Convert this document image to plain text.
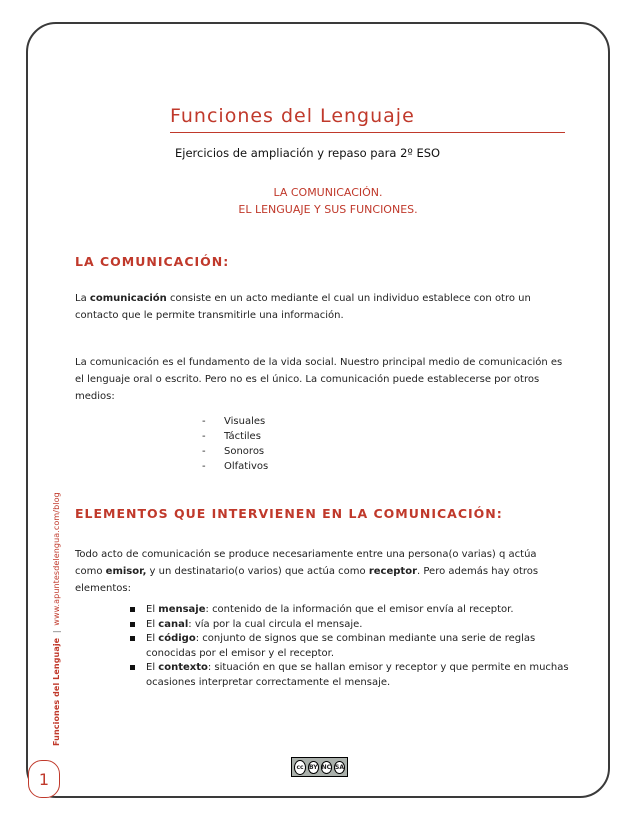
Funciones del Lenguaje | www.apuntesdelengua.com/blog
Funciones del Lenguaje
Ejercicios de ampliación y repaso para 2º ESO
LA COMUNICACIÓN.
EL LENGUAJE Y SUS FUNCIONES.
LA COMUNICACIÓN:
La comunicación consiste en un acto mediante el cual un individuo establece con otro un contacto que le permite transmitirle una información.
La comunicación es el fundamento de la vida social. Nuestro principal medio de comunicación es el lenguaje oral o escrito. Pero no es el único. La comunicación puede establecerse por otros medios:
- Visuales
- Táctiles
- Sonoros
- Olfativos
ELEMENTOS QUE INTERVIENEN EN LA COMUNICACIÓN:
Todo acto de comunicación se produce necesariamente entre una persona(o varias) q actúa como emisor, y un destinatario(o varios) que actúa como receptor. Pero además hay otros elementos:
El mensaje: contenido de la información que el emisor envía al receptor.
El canal: vía por la cual circula el mensaje.
El código: conjunto de signos que se combinan mediante una serie de reglas conocidas por el emisor y el receptor.
El contexto: situación en que se hallan emisor y receptor y que permite en muchas ocasiones interpretar correctamente el mensaje.
cc BY NC SA
1
